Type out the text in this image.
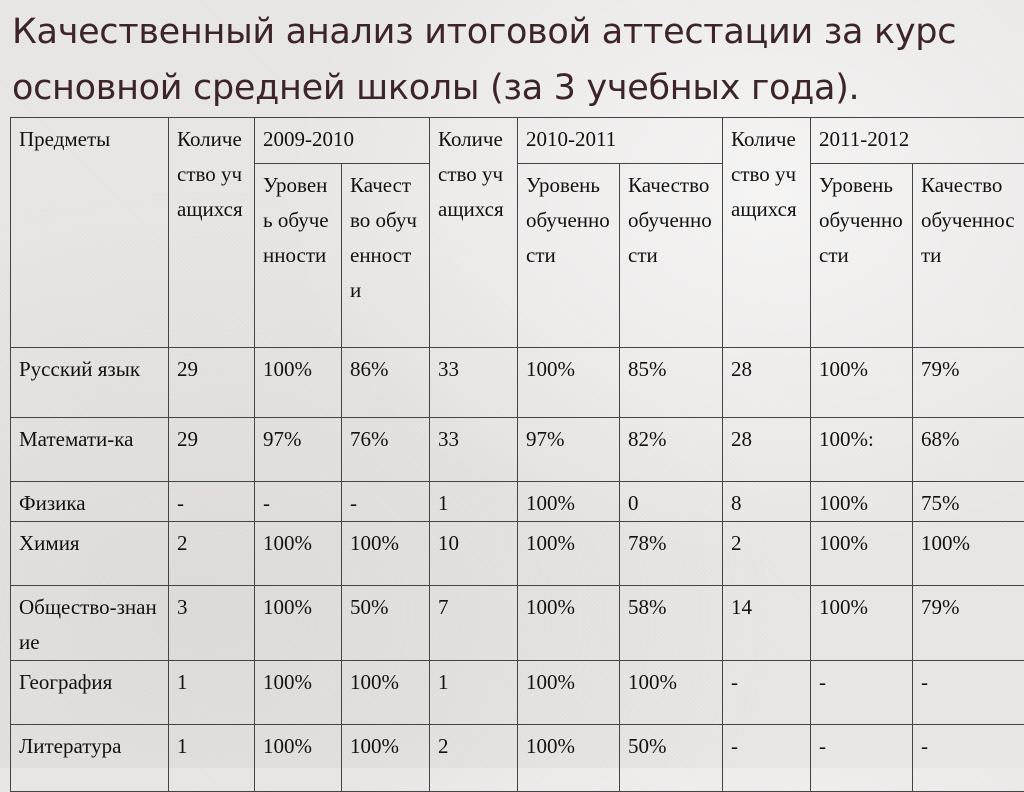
Качественный анализ итоговой аттестации за курс основной средней школы (за 3 учебных года).
Предметы	Количество учащихся	2009-2010		Количество учащихся	2010-2011		Количество учащихся	2011-2012	
		Уровень обученности	Качество обученности		Уровень обученности	Качество обученности		Уровень обученности	Качество обученности
Русский язык	29	100%	86%	33	100%	85%	28	100%	79%
Математи-ка	29	97%	76%	33	97%	82%	28	100%:	68%
Физика	-	-	-	1	100%	0	8	100%	75%
Химия	2	100%	100%	10	100%	78%	2	100%	100%
Общество-знание	3	100%	50%	7	100%	58%	14	100%	79%
География	1	100%	100%	1	100%	100%	-	-	-
Литература	1	100%	100%	2	100%	50%	-	-	-
